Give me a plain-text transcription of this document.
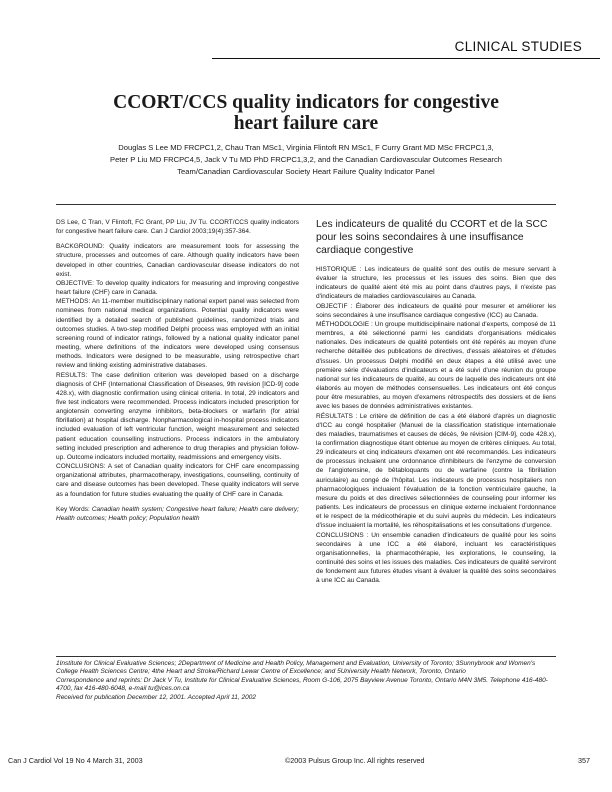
CLINICAL STUDIES
CCORT/CCS quality indicators for congestive
heart failure care
Douglas S Lee MD FRCPC1,2, Chau Tran MSc1, Virginia Flintoft RN MSc1, F Curry Grant MD MSc FRCPC1,3,
Peter P Liu MD FRCPC4,5, Jack V Tu MD PhD FRCPC1,3,2, and the Canadian Cardiovascular Outcomes Research
Team/Canadian Cardiovascular Society Heart Failure Quality Indicator Panel

DS Lee, C Tran, V Flintoft, FC Grant, PP Liu, JV Tu. CCORT/CCS quality indicators for congestive heart failure care. Can J Cardiol 2003;19(4):357-364.

BACKGROUND: Quality indicators are measurement tools for assessing the structure, processes and outcomes of care. Although quality indicators have been developed in other countries, Canadian cardiovascular disease indicators do not exist.

OBJECTIVE: To develop quality indicators for measuring and improving congestive heart failure (CHF) care in Canada.

METHODS: An 11-member multidisciplinary national expert panel was selected from nominees from national medical organizations. Potential quality indicators were identified by a detailed search of published guidelines, randomized trials and outcomes studies. A two-step modified Delphi process was employed with an initial screening round of indicator ratings, followed by a national quality indicator panel meeting, where definitions of the indicators were developed using consensus methods. Indicators were designed to be measurable, using retrospective chart review and linking existing administrative databases.

RESULTS: The case definition criterion was developed based on a discharge diagnosis of CHF (International Classification of Diseases, 9th revision [ICD-9] code 428.x), with diagnostic confirmation using clinical criteria. In total, 29 indicators and five test indicators were recommended. Process indicators included prescription for angiotensin converting enzyme inhibitors, beta-blockers or warfarin (for atrial fibrillation) at hospital discharge. Nonpharmacological in-hospital process indicators included evaluation of left ventricular function, weight measurement and selected patient education counselling instructions. Process indicators in the ambulatory setting included prescription and adherence to drug therapies and physician follow-up. Outcome indicators included mortality, readmissions and emergency visits.

CONCLUSIONS: A set of Canadian quality indicators for CHF care encompassing organizational attributes, pharmacotherapy, investigations, counselling, continuity of care and disease outcomes has been developed. These quality indicators will serve as a foundation for future studies evaluating the quality of CHF care in Canada.

Key Words: Canadian health system; Congestive heart failure; Health care delivery; Health outcomes; Health policy; Population health

Les indicateurs de qualité du CCORT et de la SCC pour les soins secondaires à une insuffisance cardiaque congestive

HISTORIQUE : Les indicateurs de qualité sont des outils de mesure servant à évaluer la structure, les processus et les issues des soins. Bien que des indicateurs de qualité aient été mis au point dans d'autres pays, il n'existe pas d'indicateurs de maladies cardiovasculaires au Canada.

OBJECTIF : Élaborer des indicateurs de qualité pour mesurer et améliorer les soins secondaires à une insuffisance cardiaque congestive (ICC) au Canada.

MÉTHODOLOGIE : Un groupe multidisciplinaire national d'experts, composé de 11 membres, a été sélectionné parmi les candidats d'organisations médicales nationales. Des indicateurs de qualité potentiels ont été repérés au moyen d'une recherche détaillée des publications de directives, d'essais aléatoires et d'études d'issues. Un processus Delphi modifié en deux étapes a été utilisé avec une première série d'évaluations d'indicateurs et a été suivi d'une réunion du groupe national sur les indicateurs de qualité, au cours de laquelle des indicateurs ont été élaborés au moyen de méthodes consensuelles. Les indicateurs ont été conçus pour être mesurables, au moyen d'examens rétrospectifs des dossiers et de liens avec les bases de données administratives existantes.

RÉSULTATS : Le critère de définition de cas a été élaboré d'après un diagnostic d'ICC au congé hospitalier (Manuel de la classification statistique internationale des maladies, traumatismes et causes de décès, 9e révision [CIM-9], code 428.x), la confirmation diagnostique étant obtenue au moyen de critères cliniques. Au total, 29 indicateurs et cinq indicateurs d'examen ont été recommandés. Les indicateurs de processus incluaient une ordonnance d'inhibiteurs de l'enzyme de conversion de l'angiotensine, de bêtabloquants ou de warfarine (contre la fibrillation auriculaire) au congé de l'hôpital. Les indicateurs de processus hospitaliers non pharmacologiques incluaient l'évaluation de la fonction ventriculaire gauche, la mesure du poids et des directives sélectionnées de counseling pour informer les patients. Les indicateurs de processus en clinique externe incluaient l'ordonnance et le respect de la médicothérapie et du suivi auprès du médecin. Les indicateurs d'issue incluaient la mortalité, les réhospitalisations et les consultations d'urgence.

CONCLUSIONS : Un ensemble canadien d'indicateurs de qualité pour les soins secondaires à une ICC a été élaboré, incluant les caractéristiques organisationnelles, la pharmacothérapie, les explorations, le counseling, la continuité des soins et les issues des maladies. Ces indicateurs de qualité serviront de fondement aux futures études visant à évaluer la qualité des soins secondaires à une ICC au Canada.

1Institute for Clinical Evaluative Sciences; 2Department of Medicine and Health Policy, Management and Evaluation, University of Toronto; 3Sunnybrook and Women's College Health Sciences Centre; 4the Heart and Stroke/Richard Lewar Centre of Excellence; and 5University Health Network, Toronto, Ontario

Correspondence and reprints: Dr Jack V Tu, Institute for Clinical Evaluative Sciences, Room G-106, 2075 Bayview Avenue Toronto, Ontario M4N 3M5. Telephone 416-480-4700, fax 416-480-6048, e-mail tu@ices.on.ca

Received for publication December 12, 2001. Accepted April 11, 2002

Can J Cardiol Vol 19 No 4 March 31, 2003	©2003 Pulsus Group Inc. All rights reserved	357
